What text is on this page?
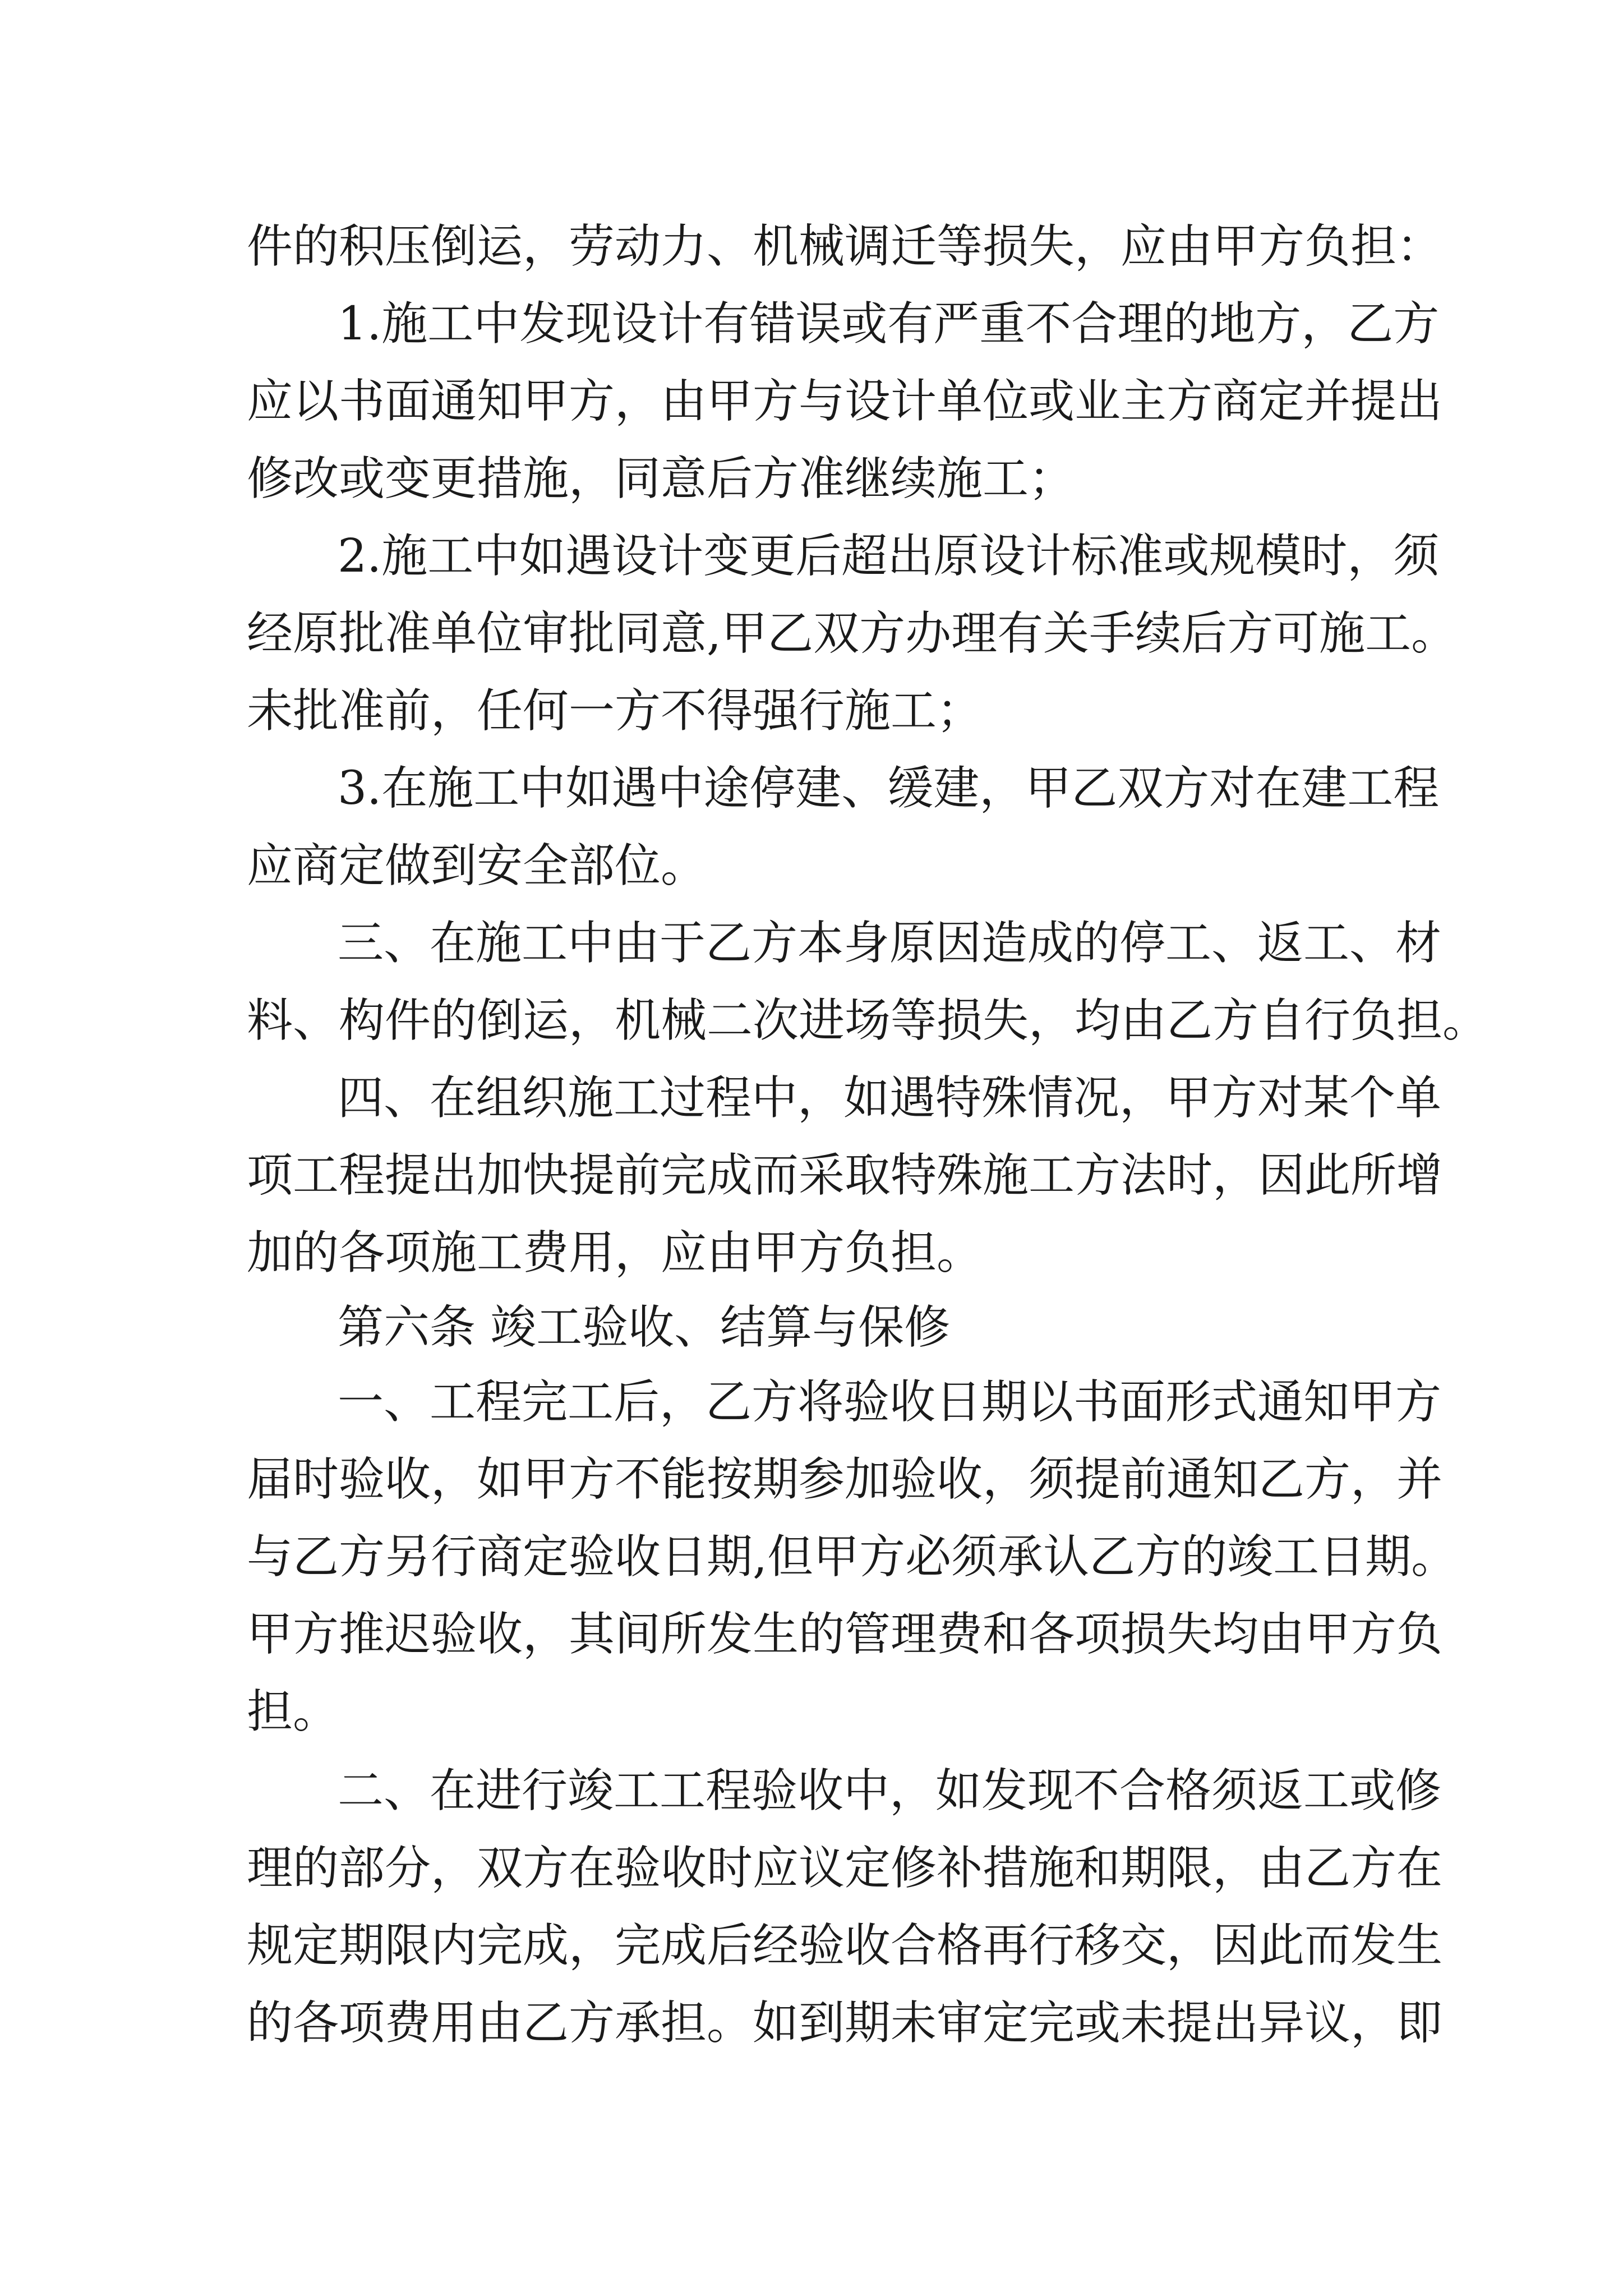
件的积压倒运，劳动力、机械调迁等损失，应由甲方负担：
1.施工中发现设计有错误或有严重不合理的地方，乙方
应以书面通知甲方，由甲方与设计单位或业主方商定并提出
修改或变更措施，同意后方准继续施工；
2.施工中如遇设计变更后超出原设计标准或规模时，须
经原批准单位审批同意,甲乙双方办理有关手续后方可施工。
未批准前，任何一方不得强行施工；
3.在施工中如遇中途停建、缓建，甲乙双方对在建工程
应商定做到安全部位。
三、在施工中由于乙方本身原因造成的停工、返工、材
料、构件的倒运，机械二次进场等损失，均由乙方自行负担。
四、在组织施工过程中，如遇特殊情况，甲方对某个单
项工程提出加快提前完成而采取特殊施工方法时，因此所增
加的各项施工费用，应由甲方负担。
第六条 竣工验收、结算与保修
一、工程完工后，乙方将验收日期以书面形式通知甲方
届时验收，如甲方不能按期参加验收，须提前通知乙方，并
与乙方另行商定验收日期,但甲方必须承认乙方的竣工日期。
甲方推迟验收，其间所发生的管理费和各项损失均由甲方负
担。
二、在进行竣工工程验收中，如发现不合格须返工或修
理的部分，双方在验收时应议定修补措施和期限，由乙方在
规定期限内完成，完成后经验收合格再行移交，因此而发生
的各项费用由乙方承担。如到期未审定完或未提出异议，即
